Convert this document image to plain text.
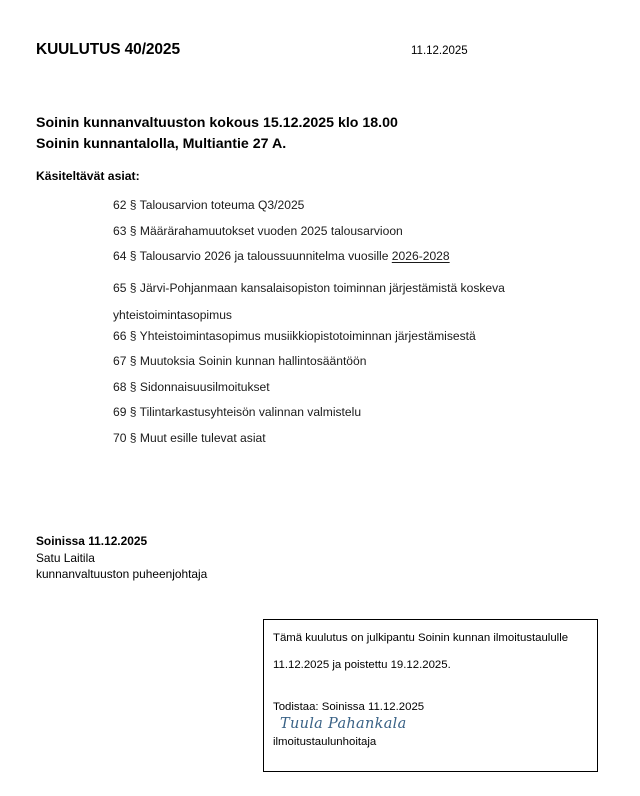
KUULUTUS 40/2025	11.12.2025
Soinin kunnanvaltuuston kokous 15.12.2025 klo 18.00
Soinin kunnantalolla, Multiantie 27 A.
Käsiteltävät asiat:
62 § Talousarvion toteuma Q3/2025
63 § Määrärahamuutokset vuoden 2025 talousarvioon
64 § Talousarvio 2026 ja taloussuunnitelma vuosille 2026-2028
65 § Järvi-Pohjanmaan kansalaisopiston toiminnan järjestämistä koskeva yhteistoimintasopimus
66 § Yhteistoimintasopimus musiikkiopistotoiminnan järjestämisestä
67 § Muutoksia Soinin kunnan hallintosääntöön
68 § Sidonnaisuusilmoitukset
69 § Tilintarkastusyhteisön valinnan valmistelu
70 § Muut esille tulevat asiat
Soinissa 11.12.2025
Satu Laitila
kunnanvaltuuston puheenjohtaja
Tämä kuulutus on julkipantu Soinin kunnan ilmoitustaululle
11.12.2025 ja poistettu 19.12.2025.
Todistaa: Soinissa 11.12.2025
Tuula Pahankala
ilmoitustaulunhoitaja
